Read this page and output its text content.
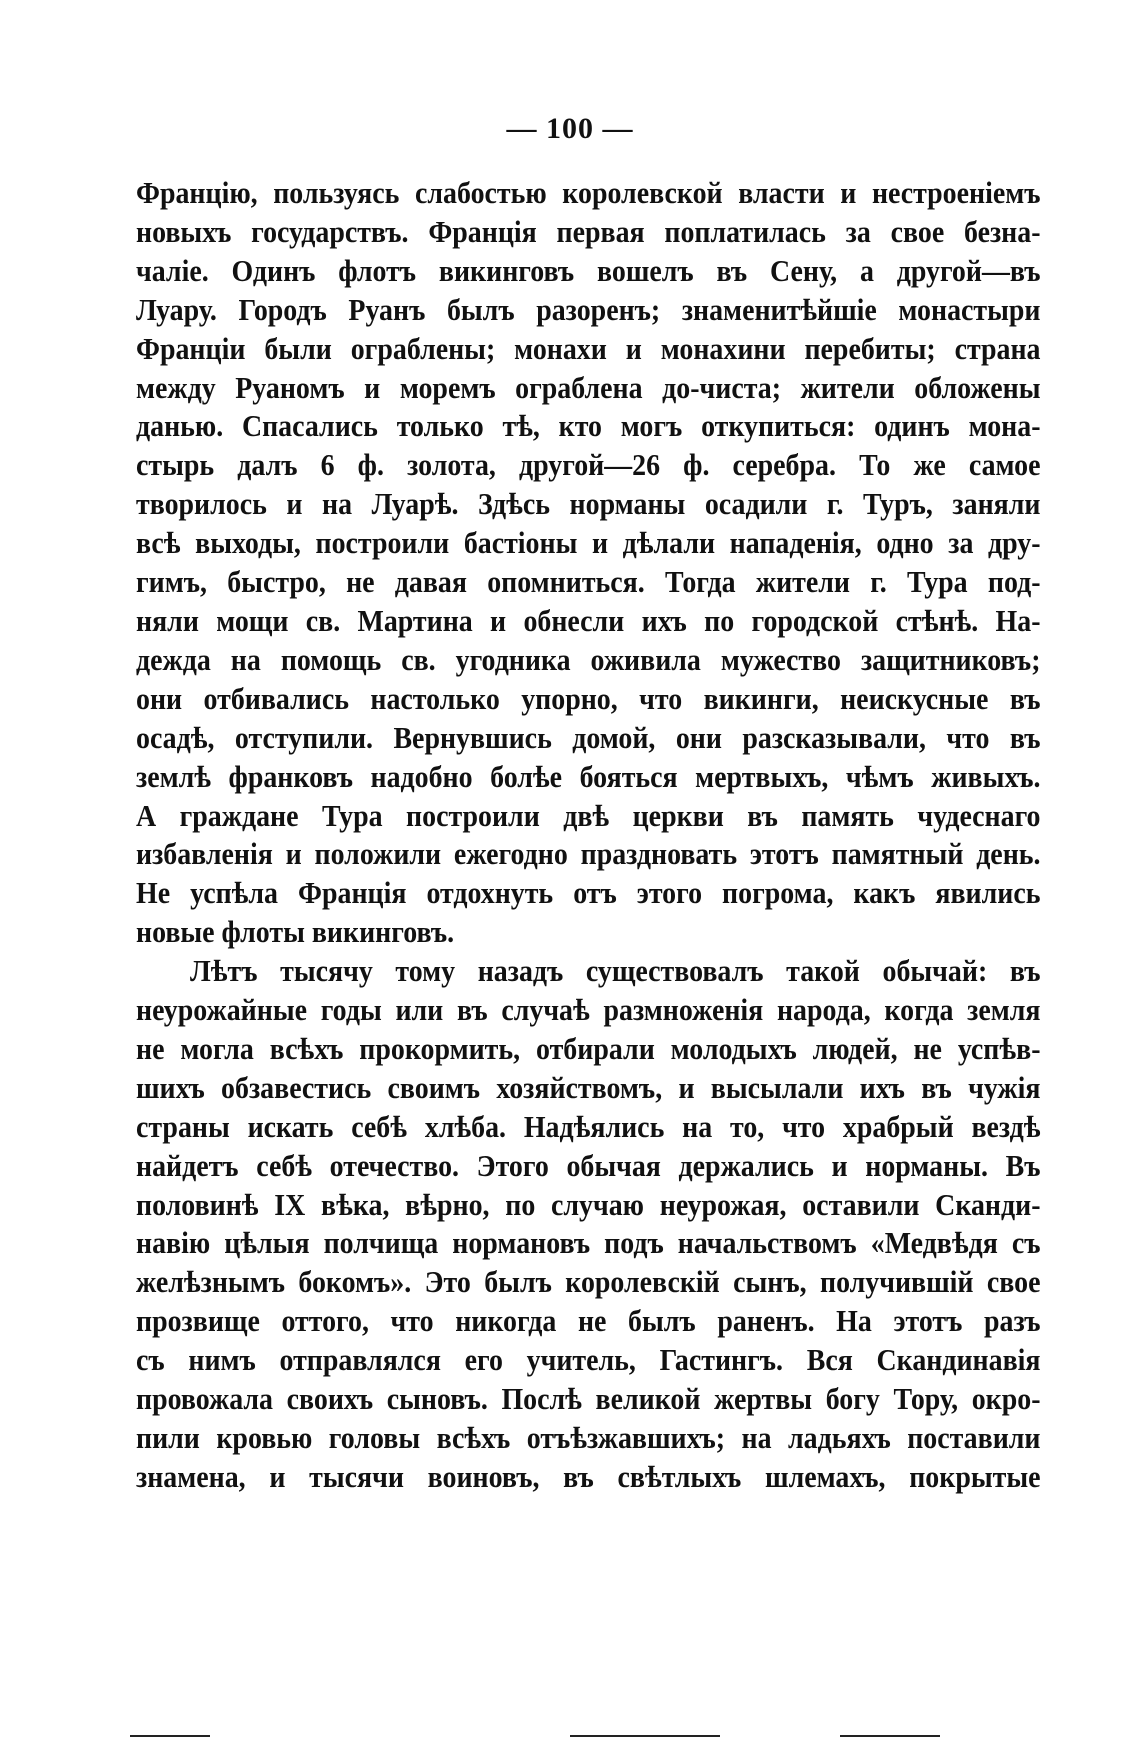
— 100 —
Францію, пользуясь слабостью королевской власти и нестроеніемъ
новыхъ государствъ. Франція первая поплатилась за свое безна-
чаліе. Одинъ флотъ викинговъ вошелъ въ Сену, а другой—въ
Луару. Городъ Руанъ былъ разоренъ; знаменитѣйшіе монастыри
Франціи были ограблены; монахи и монахини перебиты; страна
между Руаномъ и моремъ ограблена до-чиста; жители обложены
данью. Спасались только тѣ, кто могъ откупиться: одинъ мона-
стырь далъ 6 ф. золота, другой—26 ф. серебра. То же самое
творилось и на Луарѣ. Здѣсь норманы осадили г. Туръ, заняли
всѣ выходы, построили бастіоны и дѣлали нападенія, одно за дру-
гимъ, быстро, не давая опомниться. Тогда жители г. Тура под-
няли мощи св. Мартина и обнесли ихъ по городской стѣнѣ. На-
дежда на помощь св. угодника оживила мужество защитниковъ;
они отбивались настолько упорно, что викинги, неискусные въ
осадѣ, отступили. Вернувшись домой, они разсказывали, что въ
землѣ франковъ надобно болѣе бояться мертвыхъ, чѣмъ живыхъ.
А граждане Тура построили двѣ церкви въ память чудеснаго
избавленія и положили ежегодно праздновать этотъ памятный день.
Не успѣла Франція отдохнуть отъ этого погрома, какъ явились
новые флоты викинговъ.
Лѣтъ тысячу тому назадъ существовалъ такой обычай: въ
неурожайные годы или въ случаѣ размноженія народа, когда земля
не могла всѣхъ прокормить, отбирали молодыхъ людей, не успѣв-
шихъ обзавестись своимъ хозяйствомъ, и высылали ихъ въ чужія
страны искать себѣ хлѣба. Надѣялись на то, что храбрый вездѣ
найдетъ себѣ отечество. Этого обычая держались и норманы. Въ
половинѣ IX вѣка, вѣрно, по случаю неурожая, оставили Сканди-
навію цѣлыя полчища нормановъ подъ начальствомъ «Медвѣдя съ
желѣзнымъ бокомъ». Это былъ королевскій сынъ, получившій свое
прозвище оттого, что никогда не былъ раненъ. На этотъ разъ
съ нимъ отправлялся его учитель, Гастингъ. Вся Скандинавія
провожала своихъ сыновъ. Послѣ великой жертвы богу Тору, окро-
пили кровью головы всѣхъ отъѣзжавшихъ; на ладьяхъ поставили
знамена, и тысячи воиновъ, въ свѣтлыхъ шлемахъ, покрытые
